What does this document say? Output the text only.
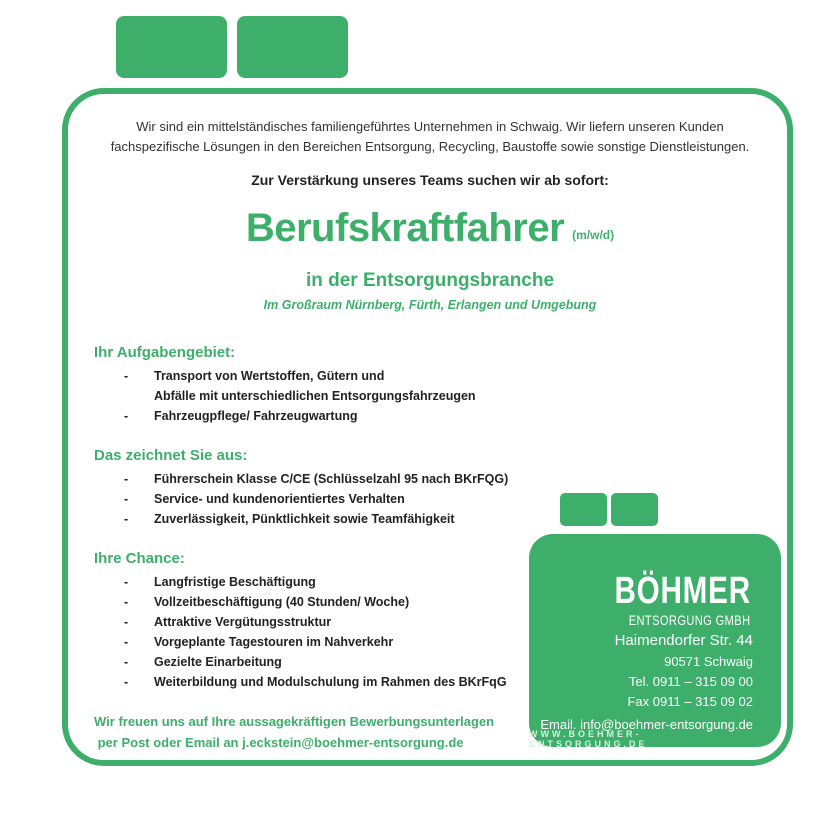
Wir sind ein mittelständisches familiengeführtes Unternehmen in Schwaig. Wir liefern unseren Kunden
fachspezifische Lösungen in den Bereichen Entsorgung, Recycling, Baustoffe sowie sonstige Dienstleistungen.
Zur Verstärkung unseres Teams suchen wir ab sofort:
Berufskraftfahrer (m/w/d)
in der Entsorgungsbranche
Im Großraum Nürnberg, Fürth, Erlangen und Umgebung
Ihr Aufgabengebiet:
- Transport von Wertstoffen, Gütern und
Abfälle mit unterschiedlichen Entsorgungsfahrzeugen
- Fahrzeugpflege/ Fahrzeugwartung
Das zeichnet Sie aus:
- Führerschein Klasse C/CE (Schlüsselzahl 95 nach BKrFQG)
- Service- und kundenorientiertes Verhalten
- Zuverlässigkeit, Pünktlichkeit sowie Teamfähigkeit
Ihre Chance:
- Langfristige Beschäftigung
- Vollzeitbeschäftigung (40 Stunden/ Woche)
- Attraktive Vergütungsstruktur
- Vorgeplante Tagestouren im Nahverkehr
- Gezielte Einarbeitung
- Weiterbildung und Modulschulung im Rahmen des BKrFqG
Wir freuen uns auf Ihre aussagekräftigen Bewerbungsunterlagen
per Post oder Email an j.eckstein@boehmer-entsorgung.de
BÖHMER
ENTSORGUNG GMBH
Haimendorfer Str. 44
90571 Schwaig
Tel. 0911 – 315 09 00
Fax 0911 – 315 09 02
Email. info@boehmer-entsorgung.de
WWW.BOEHMER-ENTSORGUNG.DE
